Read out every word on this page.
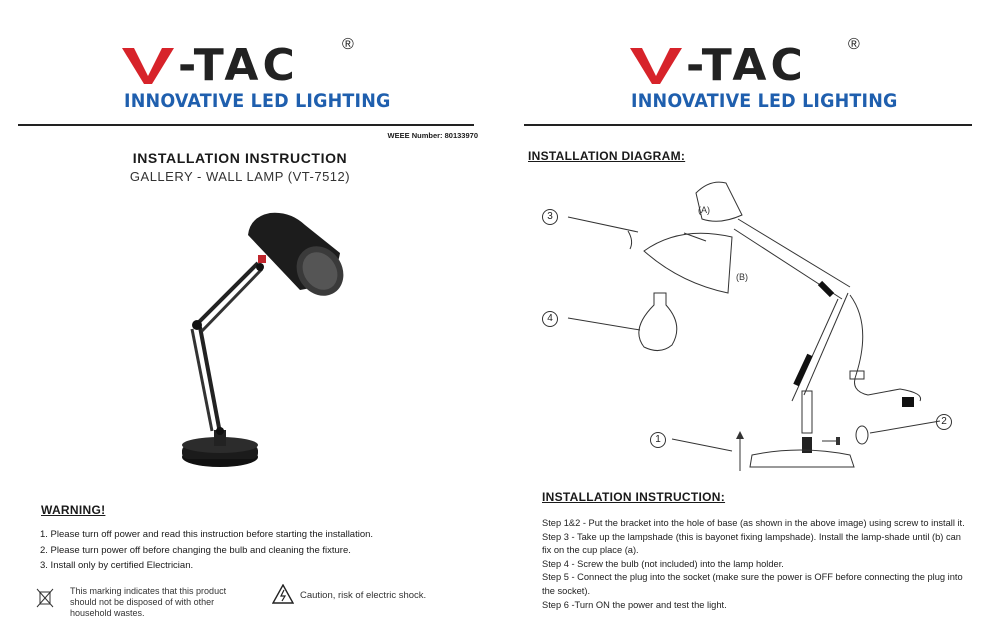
-TAC	®
INNOVATIVE LED LIGHTING
WEEE Number: 80133970
INSTALLATION INSTRUCTION
GALLERY - WALL LAMP (VT-7512)
WARNING!
1. Please turn off power and read this instruction before starting the installation.
2. Please turn power off before changing the bulb and cleaning the fixture.
3. Install only by certified Electrician.
This marking indicates that this product should not be disposed of with other household wastes.
Caution, risk of electric shock.
-TAC	®
INNOVATIVE LED LIGHTING
INSTALLATION DIAGRAM:
(A)
(B)
3
4
1
2
INSTALLATION INSTRUCTION:

Step 1&2 - Put the bracket into the hole of base (as shown in the above image) using screw to install it.

Step 3 - Take up the lampshade (this is bayonet fixing lampshade). Install the lamp-shade until (b) can fix on the cup place (a).

Step 4 - Screw the bulb (not included) into the lamp holder.

Step 5 - Connect the plug into the socket (make sure the power is OFF before connecting the plug into the socket).

Step 6 -Turn ON the power and test the light.
